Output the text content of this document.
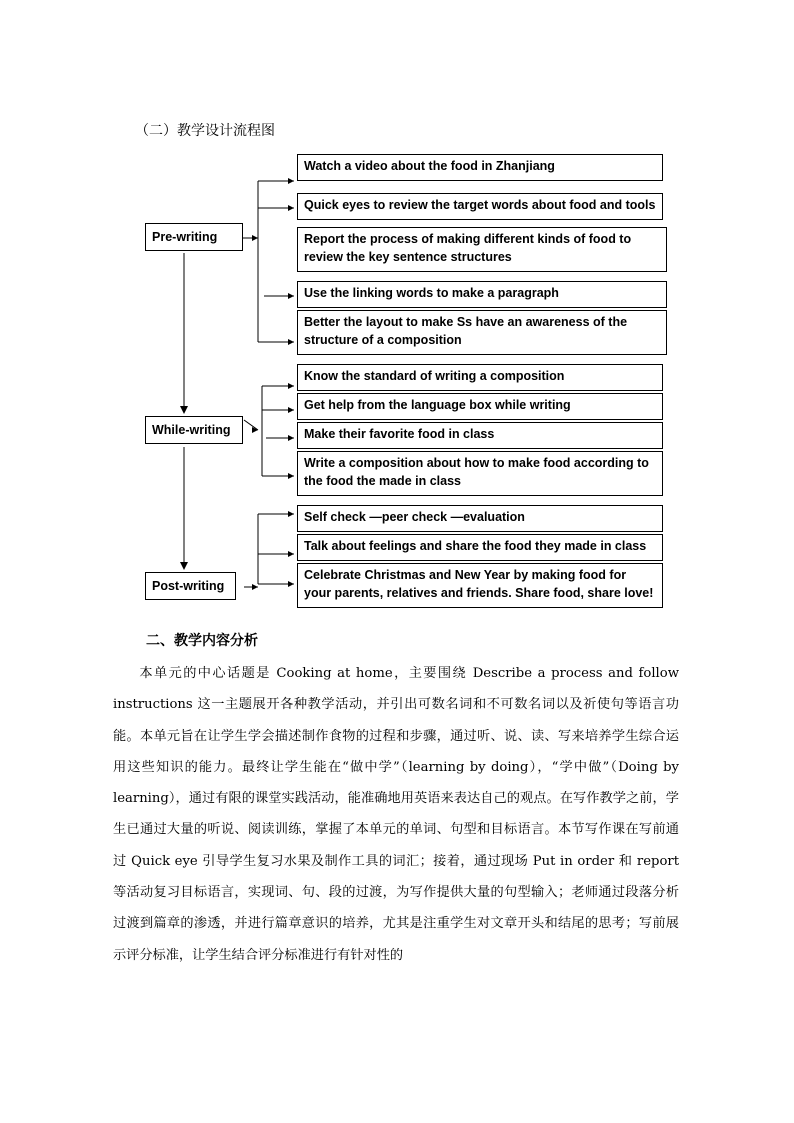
（二）教学设计流程图
Pre-writing
While-writing
Post-writing
Watch a video about the food in Zhanjiang
Quick eyes to review the target words about food and tools
Report the process of making different kinds of food to review the key sentence structures
Use the linking words to make a paragraph
Better the layout to make Ss have an awareness of the structure of a composition
Know the standard of writing a composition
Get help from the language box while writing
Make their favorite food in class
Write a composition about how to make food according to the food the made in class
Self check —peer check —evaluation
Talk about feelings and share the food they made in class
Celebrate Christmas and New Year by making food for your parents, relatives and friends. Share food, share love!
二、教学内容分析
本单元的中心话题是 Cooking at home，主要围绕 Describe a process and follow instructions 这一主题展开各种教学活动，并引出可数名词和不可数名词以及祈使句等语言功能。本单元旨在让学生学会描述制作食物的过程和步骤，通过听、说、读、写来培养学生综合运用这些知识的能力。最终让学生能在“做中学”（learning by doing），“学中做”（Doing by learning），通过有限的课堂实践活动，能准确地用英语来表达自己的观点。在写作教学之前，学生已通过大量的听说、阅读训练，掌握了本单元的单词、句型和目标语言。本节写作课在写前通过 Quick eye 引导学生复习水果及制作工具的词汇；接着，通过现场 Put in order 和 report 等活动复习目标语言，实现词、句、段的过渡，为写作提供大量的句型输入；老师通过段落分析过渡到篇章的渗透，并进行篇章意识的培养，尤其是注重学生对文章开头和结尾的思考；写前展示评分标准，让学生结合评分标准进行有针对性的
